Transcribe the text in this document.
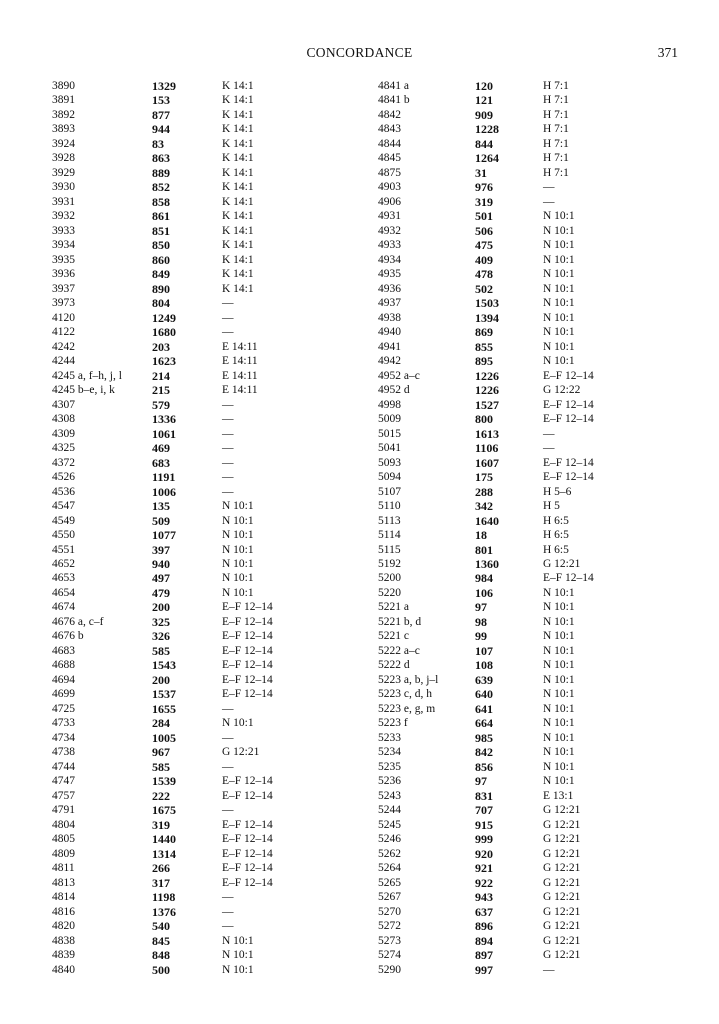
CONCORDANCE	371
3890	1329	K 14:1
3891	153	K 14:1
3892	877	K 14:1
3893	944	K 14:1
3924	83	K 14:1
3928	863	K 14:1
3929	889	K 14:1
3930	852	K 14:1
3931	858	K 14:1
3932	861	K 14:1
3933	851	K 14:1
3934	850	K 14:1
3935	860	K 14:1
3936	849	K 14:1
3937	890	K 14:1
3973	804	—
4120	1249	—
4122	1680	—
4242	203	E 14:11
4244	1623	E 14:11
4245 a, f–h, j, l	214	E 14:11
4245 b–e, i, k	215	E 14:11
4307	579	—
4308	1336	—
4309	1061	—
4325	469	—
4372	683	—
4526	1191	—
4536	1006	—
4547	135	N 10:1
4549	509	N 10:1
4550	1077	N 10:1
4551	397	N 10:1
4652	940	N 10:1
4653	497	N 10:1
4654	479	N 10:1
4674	200	E–F 12–14
4676 a, c–f	325	E–F 12–14
4676 b	326	E–F 12–14
4683	585	E–F 12–14
4688	1543	E–F 12–14
4694	200	E–F 12–14
4699	1537	E–F 12–14
4725	1655	—
4733	284	N 10:1
4734	1005	—
4738	967	G 12:21
4744	585	—
4747	1539	E–F 12–14
4757	222	E–F 12–14
4791	1675	—
4804	319	E–F 12–14
4805	1440	E–F 12–14
4809	1314	E–F 12–14
4811	266	E–F 12–14
4813	317	E–F 12–14
4814	1198	—
4816	1376	—
4820	540	—
4838	845	N 10:1
4839	848	N 10:1
4840	500	N 10:1
4841 a	120	H 7:1
4841 b	121	H 7:1
4842	909	H 7:1
4843	1228	H 7:1
4844	844	H 7:1
4845	1264	H 7:1
4875	31	H 7:1
4903	976	—
4906	319	—
4931	501	N 10:1
4932	506	N 10:1
4933	475	N 10:1
4934	409	N 10:1
4935	478	N 10:1
4936	502	N 10:1
4937	1503	N 10:1
4938	1394	N 10:1
4940	869	N 10:1
4941	855	N 10:1
4942	895	N 10:1
4952 a–c	1226	E–F 12–14
4952 d	1226	G 12:22
4998	1527	E–F 12–14
5009	800	E–F 12–14
5015	1613	—
5041	1106	—
5093	1607	E–F 12–14
5094	175	E–F 12–14
5107	288	H 5–6
5110	342	H 5
5113	1640	H 6:5
5114	18	H 6:5
5115	801	H 6:5
5192	1360	G 12:21
5200	984	E–F 12–14
5220	106	N 10:1
5221 a	97	N 10:1
5221 b, d	98	N 10:1
5221 c	99	N 10:1
5222 a–c	107	N 10:1
5222 d	108	N 10:1
5223 a, b, j–l	639	N 10:1
5223 c, d, h	640	N 10:1
5223 e, g, m	641	N 10:1
5223 f	664	N 10:1
5233	985	N 10:1
5234	842	N 10:1
5235	856	N 10:1
5236	97	N 10:1
5243	831	E 13:1
5244	707	G 12:21
5245	915	G 12:21
5246	999	G 12:21
5262	920	G 12:21
5264	921	G 12:21
5265	922	G 12:21
5267	943	G 12:21
5270	637	G 12:21
5272	896	G 12:21
5273	894	G 12:21
5274	897	G 12:21
5290	997	—
